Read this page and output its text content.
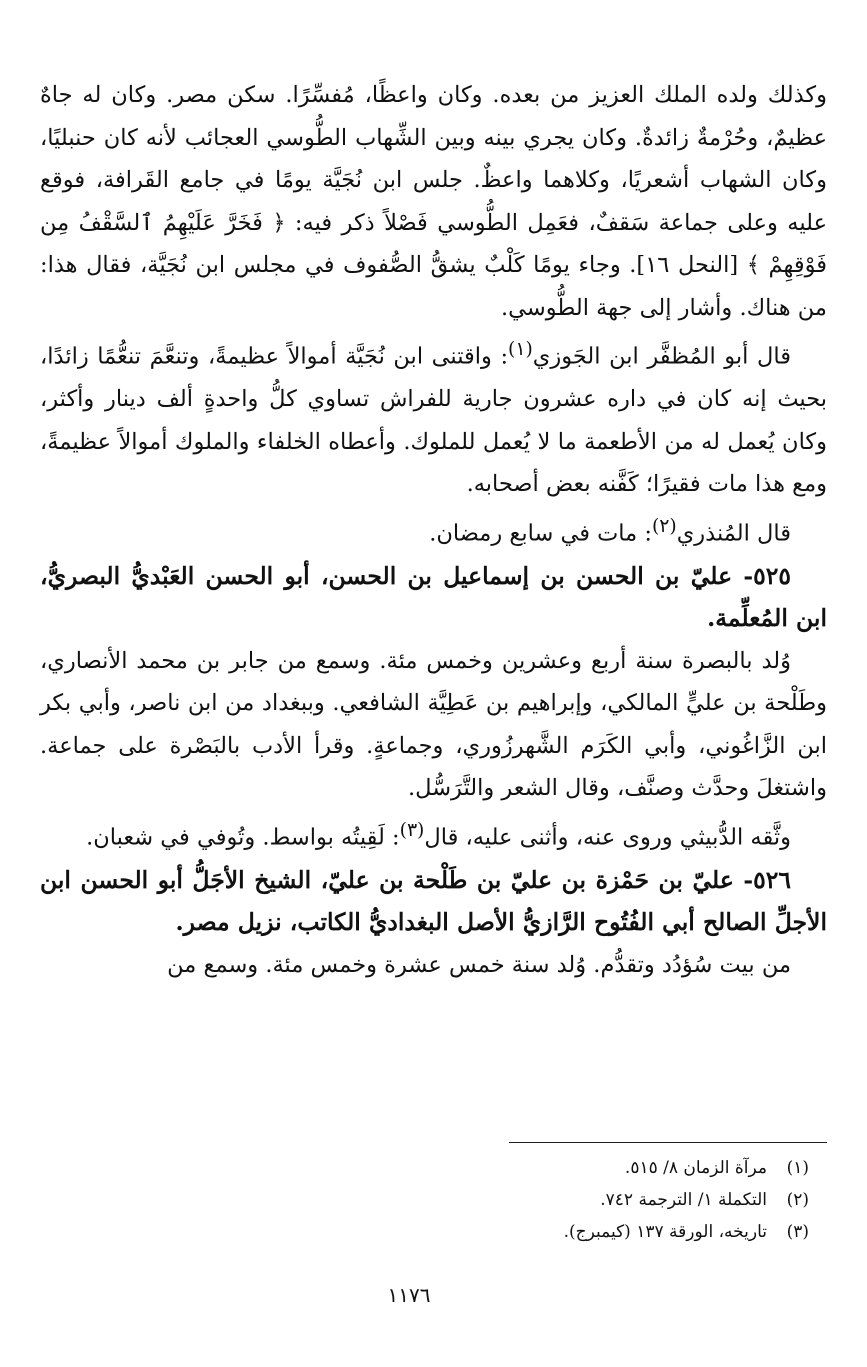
وكذلك ولده الملك العزيز من بعده. وكان واعظًا، مُفسِّرًا. سكن مصر. وكان له جاهٌ عظيمٌ، وحُرْمةٌ زائدةٌ. وكان يجري بينه وبين الشِّهاب الطُّوسي العجائب لأنه كان حنبليًا، وكان الشهاب أشعريًا، وكلاهما واعظٌ. جلس ابن نُجَيَّة يومًا في جامع القَرافة، فوقع عليه وعلى جماعة سَقفٌ، فعَمِل الطُّوسي فَصْلاً ذكر فيه: ﴿ فَخَرَّ عَلَيْهِمُ ٱلسَّقْفُ مِن فَوْقِهِمْ ﴾ [النحل ١٦]. وجاء يومًا كَلْبٌ يشقُّ الصُّفوف في مجلس ابن نُجَيَّة، فقال هذا: من هناك. وأشار إلى جهة الطُّوسي.

قال أبو المُظفَّر ابن الجَوزي$^{(١)}$: واقتنى ابن نُجَيَّة أموالاً عظيمةً، وتنعَّمَ تنعُّمًا زائدًا، بحيث إنه كان في داره عشرون جارية للفراش تساوي كلُّ واحدةٍ ألف دينار وأكثر، وكان يُعمل له من الأطعمة ما لا يُعمل للملوك. وأعطاه الخلفاء والملوك أموالاً عظيمةً، ومع هذا مات فقيرًا؛ كَفَّنه بعض أصحابه.

قال المُنذري$^{(٢)}$: مات في سابع رمضان.

٥٢٥- عليّ بن الحسن بن إسماعيل بن الحسن، أبو الحسن العَبْديُّ البصريُّ، ابن المُعلِّمة.

وُلد بالبصرة سنة أربع وعشرين وخمس مئة. وسمع من جابر بن محمد الأنصاري، وطَلْحة بن عليٍّ المالكي، وإبراهيم بن عَطِيَّة الشافعي. وببغداد من ابن ناصر، وأبي بكر ابن الزَّاغُوني، وأبي الكَرَم الشَّهرزُوري، وجماعةٍ. وقرأ الأدب بالبَصْرة على جماعة. واشتغلَ وحدَّث وصنَّف، وقال الشعر والتَّرَسُّل.

وثَّقه الدُّبيثي وروى عنه، وأثنى عليه، قال$^{(٣)}$: لَقِيتُه بواسط. وتُوفي في شعبان.

٥٢٦- عليّ بن حَمْزة بن عليّ بن طَلْحة بن عليّ، الشيخ الأجَلُّ أبو الحسن ابن الأجلِّ الصالح أبي الفُتُوح الرَّازيُّ الأصل البغداديُّ الكاتب، نزيل مصر.

من بيت سُؤدُد وتقدُّم. وُلد سنة خمس عشرة وخمس مئة. وسمع من

(١)مرآة الزمان ٨/ ٥١٥.
(٢)التكملة ١/ الترجمة ٧٤٢.
(٣)تاريخه، الورقة ١٣٧ (كيمبرج).
١١٧٦
